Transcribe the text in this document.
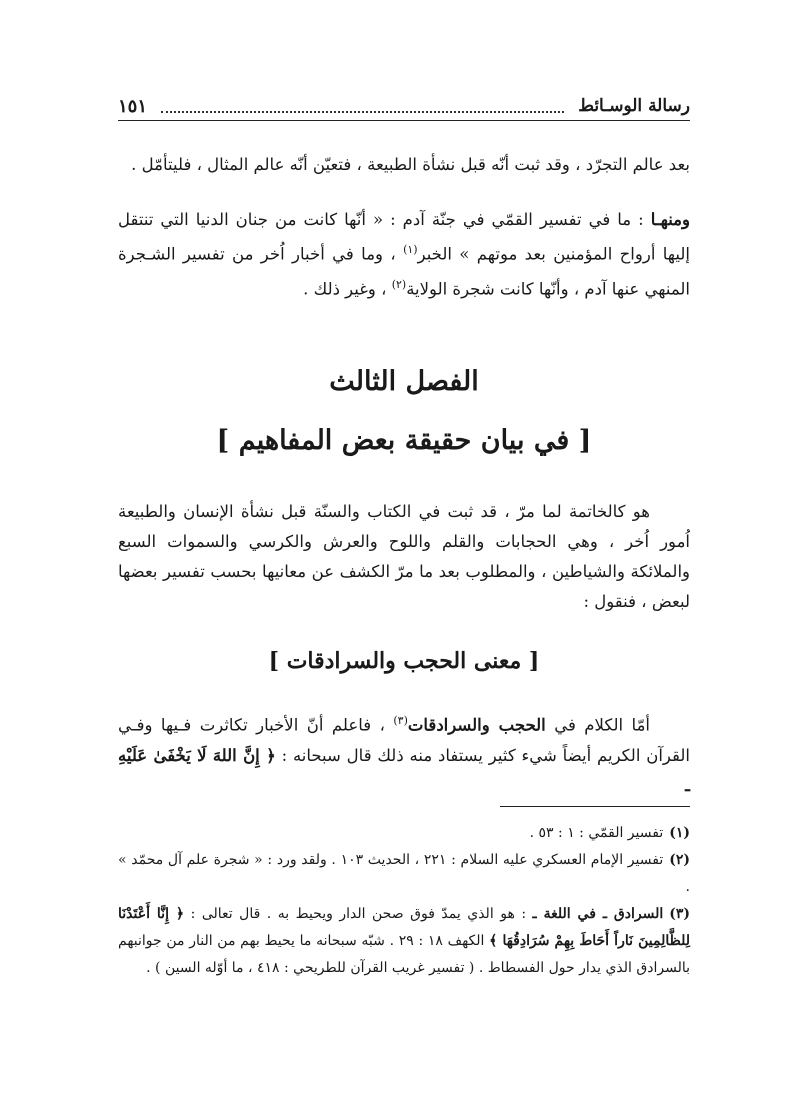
رسالة الوسـائط
١٥١
بعد عالم التجرّد ، وقد ثبت أنّه قبل نشأة الطبيعة ، فتعيّن أنّه عالم المثال ، فليتأمّل .
ومنهـا : ما في تفسير القمّي في جنّة آدم : « أنّها كانت من جنان الدنيا التي تنتقل إليها أرواح المؤمنين بعد موتهم » الخبر$^{(١)}$ ، وما في أخبار اُخر من تفسير الشـجرة المنهي عنها آدم ، وأنّها كانت شجرة الولاية$^{(٢)}$ ، وغير ذلك .
الفصل الثالث
[ في بيان حقيقة بعض المفاهيم ]
هو كالخاتمة لما مرّ ، قد ثبت في الكتاب والسنّة قبل نشأة الإنسان والطبيعة اُمور اُخر ، وهي الحجابات والقلم واللوح والعرش والكرسي والسموات السبع والملائكة والشياطين ، والمطلوب بعد ما مرّ الكشف عن معانيها بحسب تفسير بعضها لبعض ، فنقول :
[ معنى الحجب والسرادقات ]
أمّا الكلام في الحجب والسرادقات$^{(٣)}$ ، فاعلم أنّ الأخبار تكاثرت فـيها وفـي القرآن الكريم أيضاً شيء كثير يستفاد منه ذلك قال سبحانه : ﴿ إِنَّ اللهَ لَا يَخْفَىٰ عَلَيْهِ ـ
(١)تفسير القمّي : ١ : ٥٣ .
(٢)تفسير الإمام العسكري عليه السلام : ٢٢١ ، الحديث ١٠٣ . ولقد ورد : « شجرة علم آل محمّد » .
(٣)السرادق ـ في اللغة ـ : هو الذي يمدّ فوق صحن الدار ويحيط به . قال تعالى : ﴿ إِنَّا أَعْتَدْنَا لِلظَّالِمِينَ نَاراً أَحَاطَ بِهِمْ سُرَادِقُهَا ﴾ الكهف ١٨ : ٢٩ . شبّه سبحانه ما يحيط بهم من النار من جوانبهم بالسرادق الذي يدار حول الفسطاط . ( تفسير غريب القرآن للطريحي : ٤١٨ ، ما أوّله السين ) .
